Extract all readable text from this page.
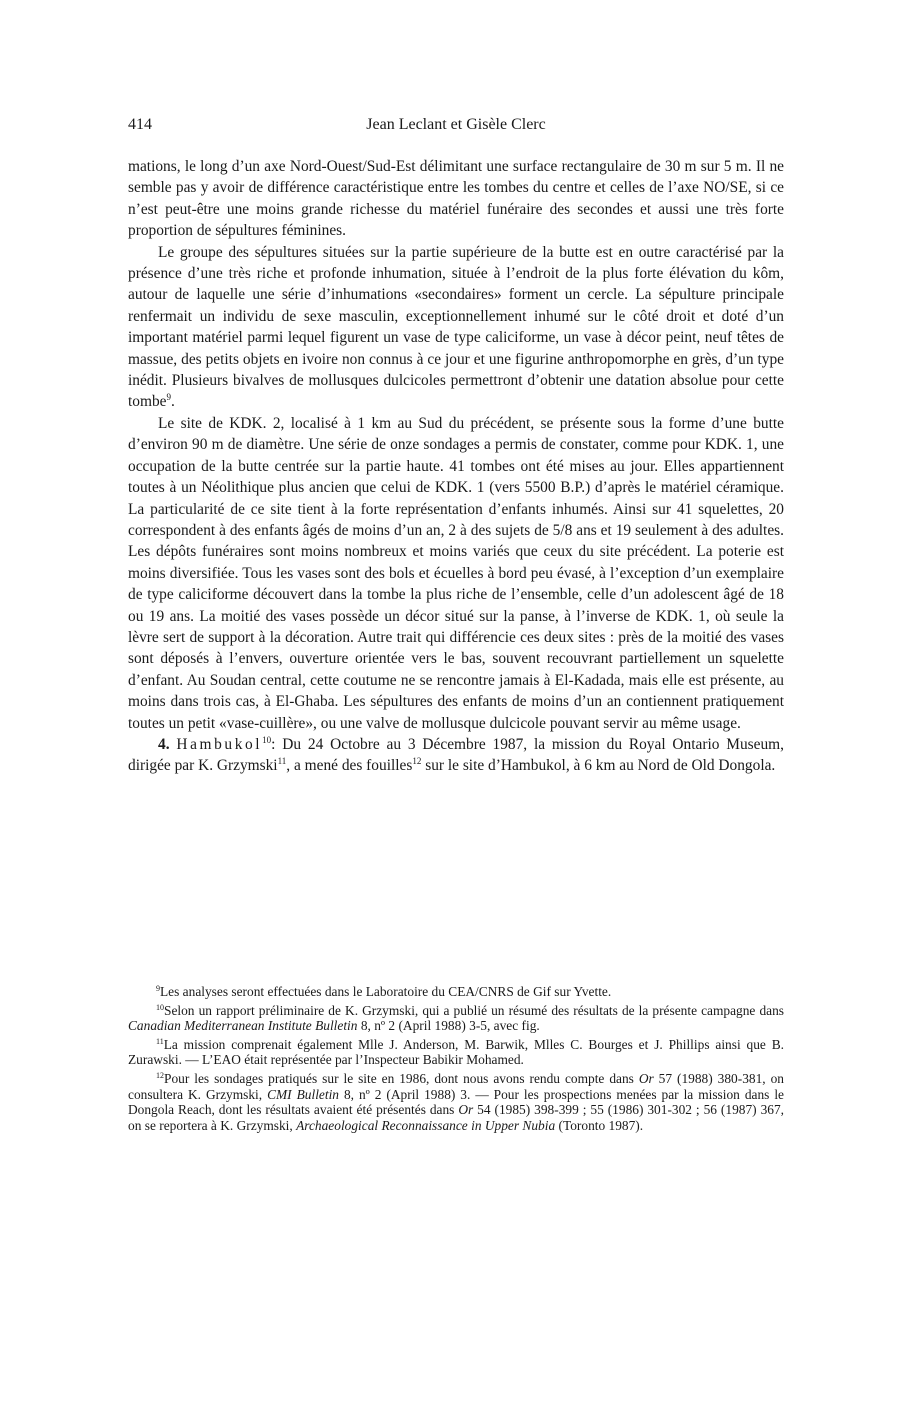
414	Jean Leclant et Gisèle Clerc

mations, le long d’un axe Nord-Ouest/Sud-Est délimitant une surface rectangulaire de 30 m sur 5 m. Il ne semble pas y avoir de différence caractéristique entre les tombes du centre et celles de l’axe NO/SE, si ce n’est peut-être une moins grande richesse du matériel funéraire des secondes et aussi une très forte proportion de sépultures féminines.

Le groupe des sépultures situées sur la partie supérieure de la butte est en outre caractérisé par la présence d’une très riche et profonde inhumation, située à l’endroit de la plus forte élévation du kôm, autour de laquelle une série d’inhumations «secondaires» forment un cercle. La sépulture principale renfermait un individu de sexe masculin, exceptionnellement inhumé sur le côté droit et doté d’un important matériel parmi lequel figurent un vase de type caliciforme, un vase à décor peint, neuf têtes de massue, des petits objets en ivoire non connus à ce jour et une figurine anthropomorphe en grès, d’un type inédit. Plusieurs bivalves de mollusques dulcicoles permettront d’obtenir une datation absolue pour cette tombe$^9$.

Le site de KDK. 2, localisé à 1 km au Sud du précédent, se présente sous la forme d’une butte d’environ 90 m de diamètre. Une série de onze sondages a permis de constater, comme pour KDK. 1, une occupation de la butte centrée sur la partie haute. 41 tombes ont été mises au jour. Elles appartiennent toutes à un Néolithique plus ancien que celui de KDK. 1 (vers 5500 B.P.) d’après le matériel céramique. La particularité de ce site tient à la forte représentation d’enfants inhumés. Ainsi sur 41 squelettes, 20 correspondent à des enfants âgés de moins d’un an, 2 à des sujets de 5/8 ans et 19 seulement à des adultes. Les dépôts funéraires sont moins nombreux et moins variés que ceux du site précédent. La poterie est moins diversifiée. Tous les vases sont des bols et écuelles à bord peu évasé, à l’exception d’un exemplaire de type caliciforme découvert dans la tombe la plus riche de l’ensemble, celle d’un adolescent âgé de 18 ou 19 ans. La moitié des vases possède un décor situé sur la panse, à l’inverse de KDK. 1, où seule la lèvre sert de support à la décoration. Autre trait qui différencie ces deux sites : près de la moitié des vases sont déposés à l’envers, ouverture orientée vers le bas, souvent recouvrant partiellement un squelette d’enfant. Au Soudan central, cette coutume ne se rencontre jamais à El-Kadada, mais elle est présente, au moins dans trois cas, à El-Ghaba. Les sépultures des enfants de moins d’un an contiennent pratiquement toutes un petit «vase-cuillère», ou une valve de mollusque dulcicole pouvant servir au même usage.

4. Hambukol$^{10}$: Du 24 Octobre au 3 Décembre 1987, la mission du Royal Ontario Museum, dirigée par K. Grzymski$^{11}$, a mené des fouilles$^{12}$ sur le site d’Hambukol, à 6 km au Nord de Old Dongola.

$^9$Les analyses seront effectuées dans le Laboratoire du CEA/CNRS de Gif sur Yvette.

$^{10}$Selon un rapport préliminaire de K. Grzymski, qui a publié un résumé des résultats de la présente campagne dans Canadian Mediterranean Institute Bulletin 8, nº 2 (April 1988) 3-5, avec fig.

$^{11}$La mission comprenait également Mlle J. Anderson, M. Barwik, Mlles C. Bourges et J. Phillips ainsi que B. Zurawski. — L’EAO était représentée par l’Inspecteur Babikir Mohamed.

$^{12}$Pour les sondages pratiqués sur le site en 1986, dont nous avons rendu compte dans Or 57 (1988) 380-381, on consultera K. Grzymski, CMI Bulletin 8, nº 2 (April 1988) 3. — Pour les prospections menées par la mission dans le Dongola Reach, dont les résultats avaient été présentés dans Or 54 (1985) 398-399 ; 55 (1986) 301-302 ; 56 (1987) 367, on se reportera à K. Grzymski, Archaeological Reconnaissance in Upper Nubia (Toronto 1987).
